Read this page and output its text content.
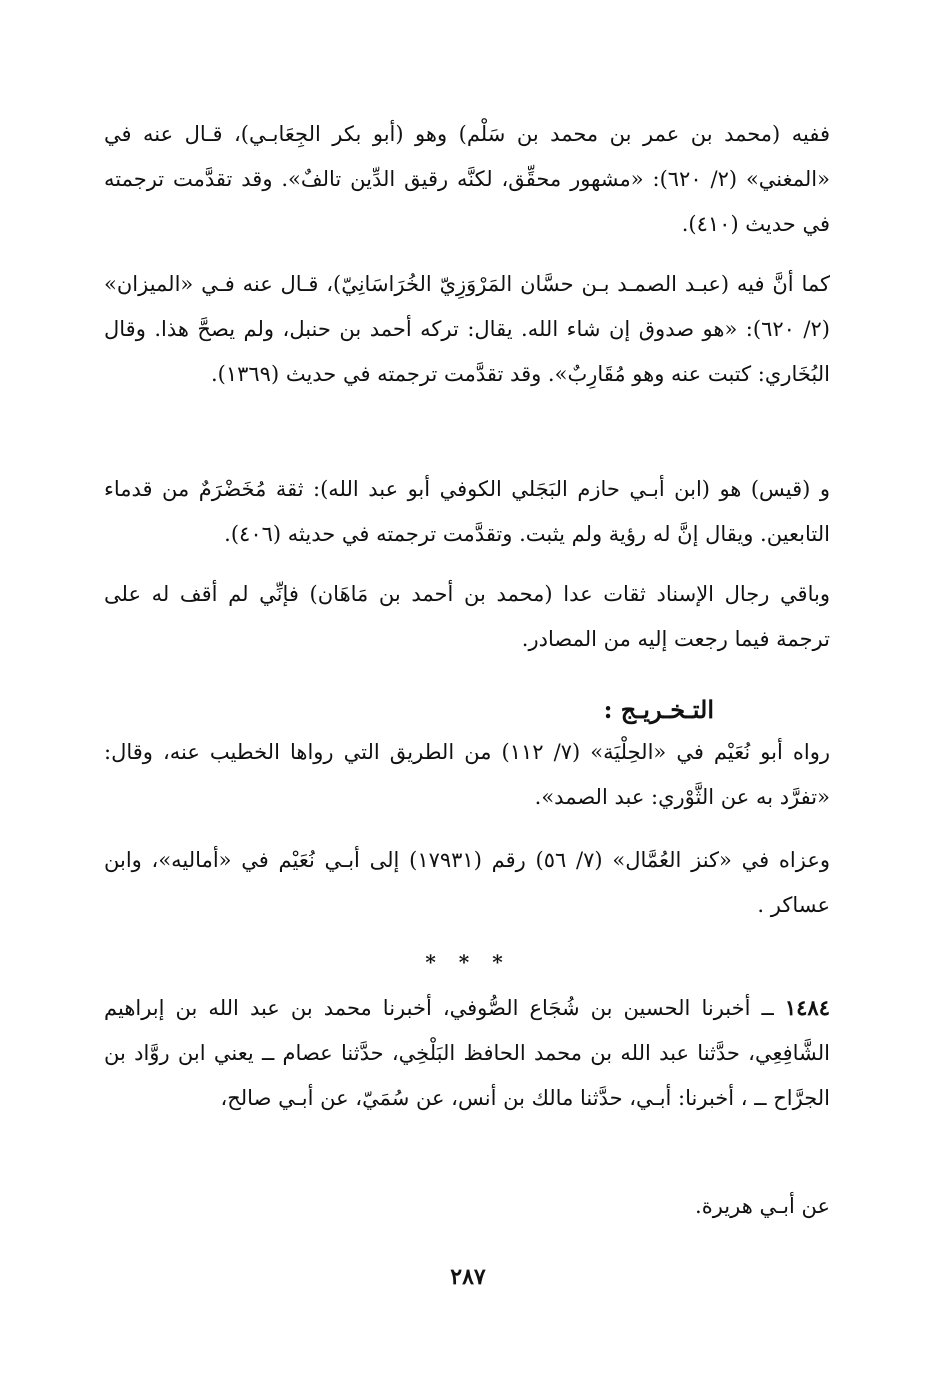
ففيه (محمد بن عمر بن محمد بن سَلْم) وهو (أبو بكر الجِعَابـي)، قـال عنه في «المغني» (٢/ ٦٢٠): «مشهور محقِّق، لكنَّه رقيق الدِّين تالفٌ». وقد تقدَّمت ترجمته في حديث (٤١٠).
كما أنَّ فيه (عبـد الصمـد بـن حسَّان المَرْوَزِيّ الخُرَاسَانِيّ)، قـال عنه فـي «الميزان» (٢/ ٦٢٠): «هو صدوق إن شاء الله. يقال: تركه أحمد بن حنبل، ولم يصحَّ هذا. وقال البُخَاري: كتبت عنه وهو مُقَارِبٌ». وقد تقدَّمت ترجمته في حديث (١٣٦٩).
و (قيس) هو (ابن أبـي حازم البَجَلي الكوفي أبو عبد الله): ثقة مُخَضْرَمٌ من قدماء التابعين. ويقال إنَّ له رؤية ولم يثبت. وتقدَّمت ترجمته في حديثه (٤٠٦).
وباقي رجال الإسناد ثقات عدا (محمد بن أحمد بن مَاهَان) فإنِّي لم أقف له على ترجمة فيما رجعت إليه من المصادر.
التـخـريـج :
رواه أبو نُعَيْم في «الحِلْيَة» (٧/ ١١٢) من الطريق التي رواها الخطيب عنه، وقال: «تفرَّد به عن الثَّوْري: عبد الصمد».
وعزاه في «كنز العُمَّال» (٧/ ٥٦) رقم (١٧٩٣١) إلى أبـي نُعَيْم في «أماليه»، وابن عساكر .
* * *
١٤٨٤ ــ أخبرنا الحسين بن شُجَاع الصُّوفي، أخبرنا محمد بن عبد الله بن إبراهيم الشَّافِعِي، حدَّثنا عبد الله بن محمد الحافظ البَلْخِي، حدَّثنا عصام ــ يعني ابن روَّاد بن الجرَّاح ــ ، أخبرنا: أبـي، حدَّثنا مالك بن أنس، عن سُمَيّ، عن أبـي صالح،
عن أبـي هريرة.
٢٨٧
